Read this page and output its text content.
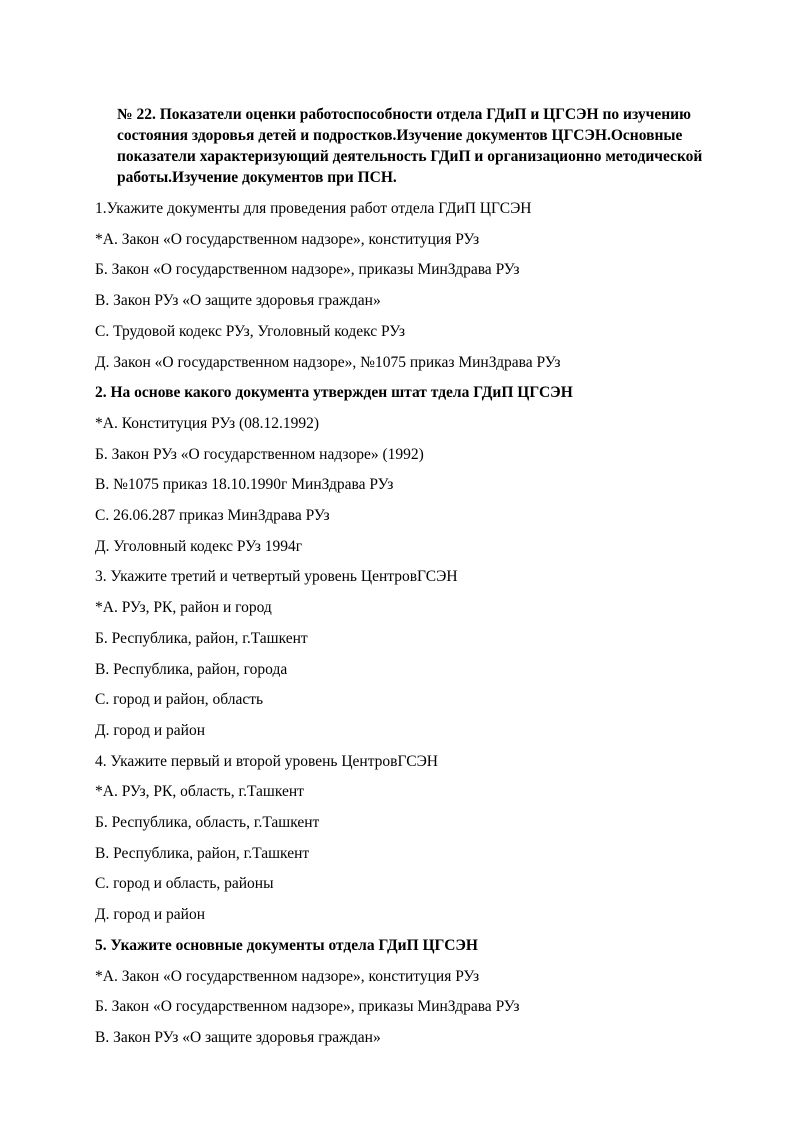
№ 22. Показатели оценки работоспособности отдела ГДиП и ЦГСЭН по изучению состояния здоровья детей и подростков.Изучение документов ЦГСЭН.Основные показатели характеризующий деятельность ГДиП и организационно методической работы.Изучение документов при ПСН.
1.Укажите документы для проведения работ отдела ГДиП ЦГСЭН
*А. Закон «О государственном надзоре», конституция РУз
Б. Закон «О государственном надзоре», приказы МинЗдрава РУз
В. Закон РУз «О защите здоровья граждан»
С. Трудовой кодекс РУз, Уголовный кодекс РУз
Д. Закон «О государственном надзоре», №1075 приказ МинЗдрава РУз
2. На основе какого документа утвержден штат тдела ГДиП ЦГСЭН
*А. Конституция РУз (08.12.1992)
Б. Закон РУз «О государственном надзоре» (1992)
В. №1075 приказ 18.10.1990г МинЗдрава РУз
С. 26.06.287 приказ МинЗдрава РУз
Д. Уголовный кодекс РУз 1994г
3. Укажите третий и четвертый уровень ЦентровГСЭН
*А. РУз, РК, район и город
Б. Республика, район, г.Ташкент
В. Республика, район, города
С. город и район, область
Д. город и район
4. Укажите первый и второй уровень ЦентровГСЭН
*А. РУз, РК, область, г.Ташкент
Б. Республика, область, г.Ташкент
В. Республика, район, г.Ташкент
С. город и область, районы
Д. город и район
5. Укажите основные документы отдела ГДиП ЦГСЭН
*А. Закон «О государственном надзоре», конституция РУз
Б. Закон «О государственном надзоре», приказы МинЗдрава РУз
В. Закон РУз «О защите здоровья граждан»
